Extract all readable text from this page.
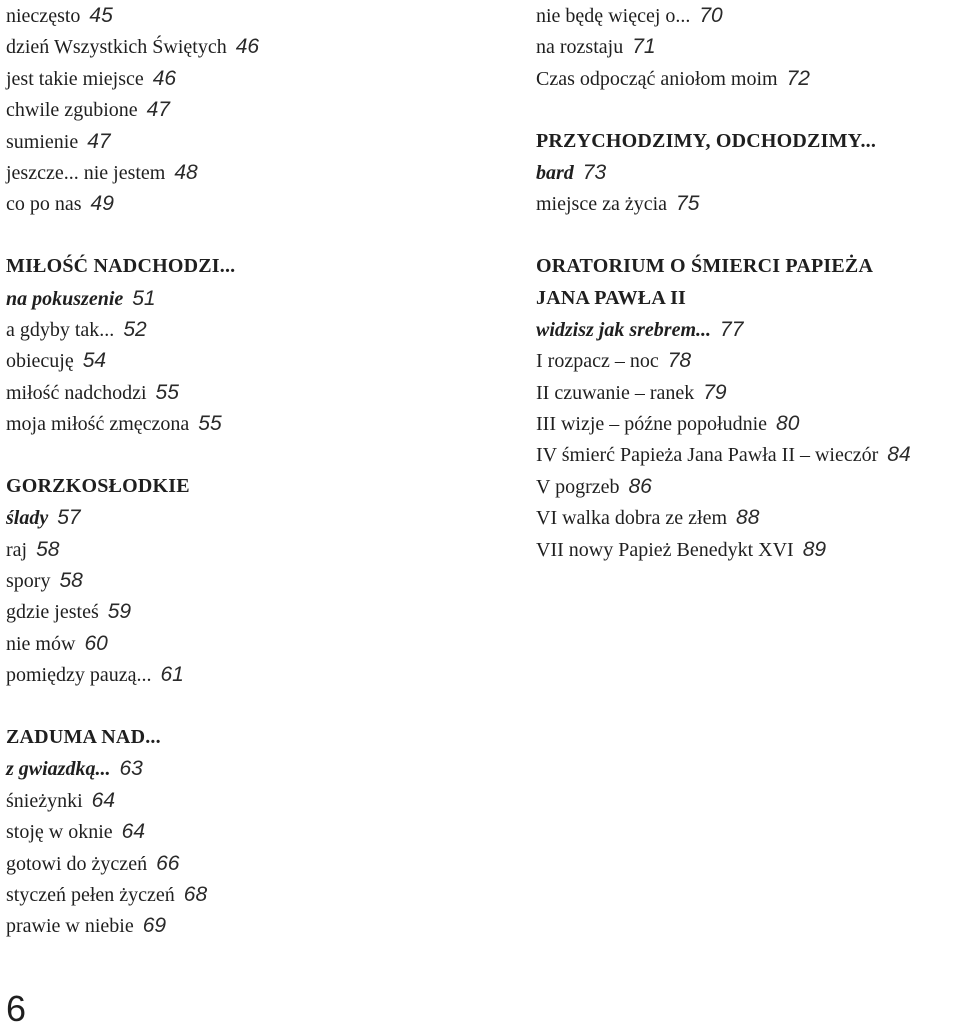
nieczęsto 45
dzień Wszystkich Świętych 46
jest takie miejsce 46
chwile zgubione 47
sumienie 47
jeszcze... nie jestem 48
co po nas 49
MIŁOŚĆ NADCHODZI...
na pokuszenie 51
a gdyby tak... 52
obiecuję 54
miłość nadchodzi 55
moja miłość zmęczona 55
GORZKOSŁODKIE
ślady 57
raj 58
spory 58
gdzie jesteś 59
nie mów 60
pomiędzy pauzą... 61
ZADUMA NAD...
z gwiazdką... 63
śnieżynki 64
stoję w oknie 64
gotowi do życzeń 66
styczeń pełen życzeń 68
prawie w niebie 69
nie będę więcej o... 70
na rozstaju 71
Czas odpocząć aniołom moim 72
PRZYCHODZIMY, ODCHODZIMY...
bard 73
miejsce za życia 75
ORATORIUM O ŚMIERCI PAPIEŻA
JANA PAWŁA II
widzisz jak srebrem... 77
I rozpacz – noc 78
II czuwanie – ranek 79
III wizje – późne popołudnie 80
IV śmierć Papieża Jana Pawła II – wieczór 84
V pogrzeb 86
VI walka dobra ze złem 88
VII nowy Papież Benedykt XVI 89
6
